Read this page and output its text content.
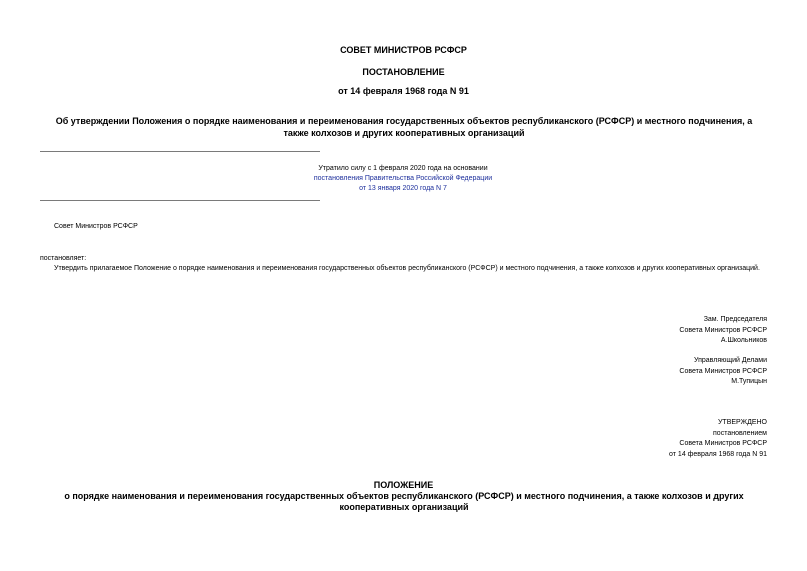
СОВЕТ МИНИСТРОВ РСФСР
ПОСТАНОВЛЕНИЕ
от 14 февраля 1968 года N 91
Об утверждении Положения о порядке наименования и переименования государственных объектов республиканского (РСФСР) и местного подчинения, а также колхозов и других кооперативных организаций
Утратило силу с 1 февраля 2020 года на основании
постановления Правительства Российской Федерации
от 13 января 2020 года N 7
Совет Министров РСФСР
постановляет:
Утвердить прилагаемое Положение о порядке наименования и переименования государственных объектов республиканского (РСФСР) и местного подчинения, а также колхозов и других кооперативных организаций.
Зам. Председателя
Совета Министров РСФСР
А.Школьников
Управляющий Делами
Совета Министров РСФСР
М.Тупицын
УТВЕРЖДЕНО
постановлением
Совета Министров РСФСР
от 14 февраля 1968 года N 91
ПОЛОЖЕНИЕ
о порядке наименования и переименования государственных объектов республиканского (РСФСР) и местного подчинения, а также колхозов и других кооперативных организаций
